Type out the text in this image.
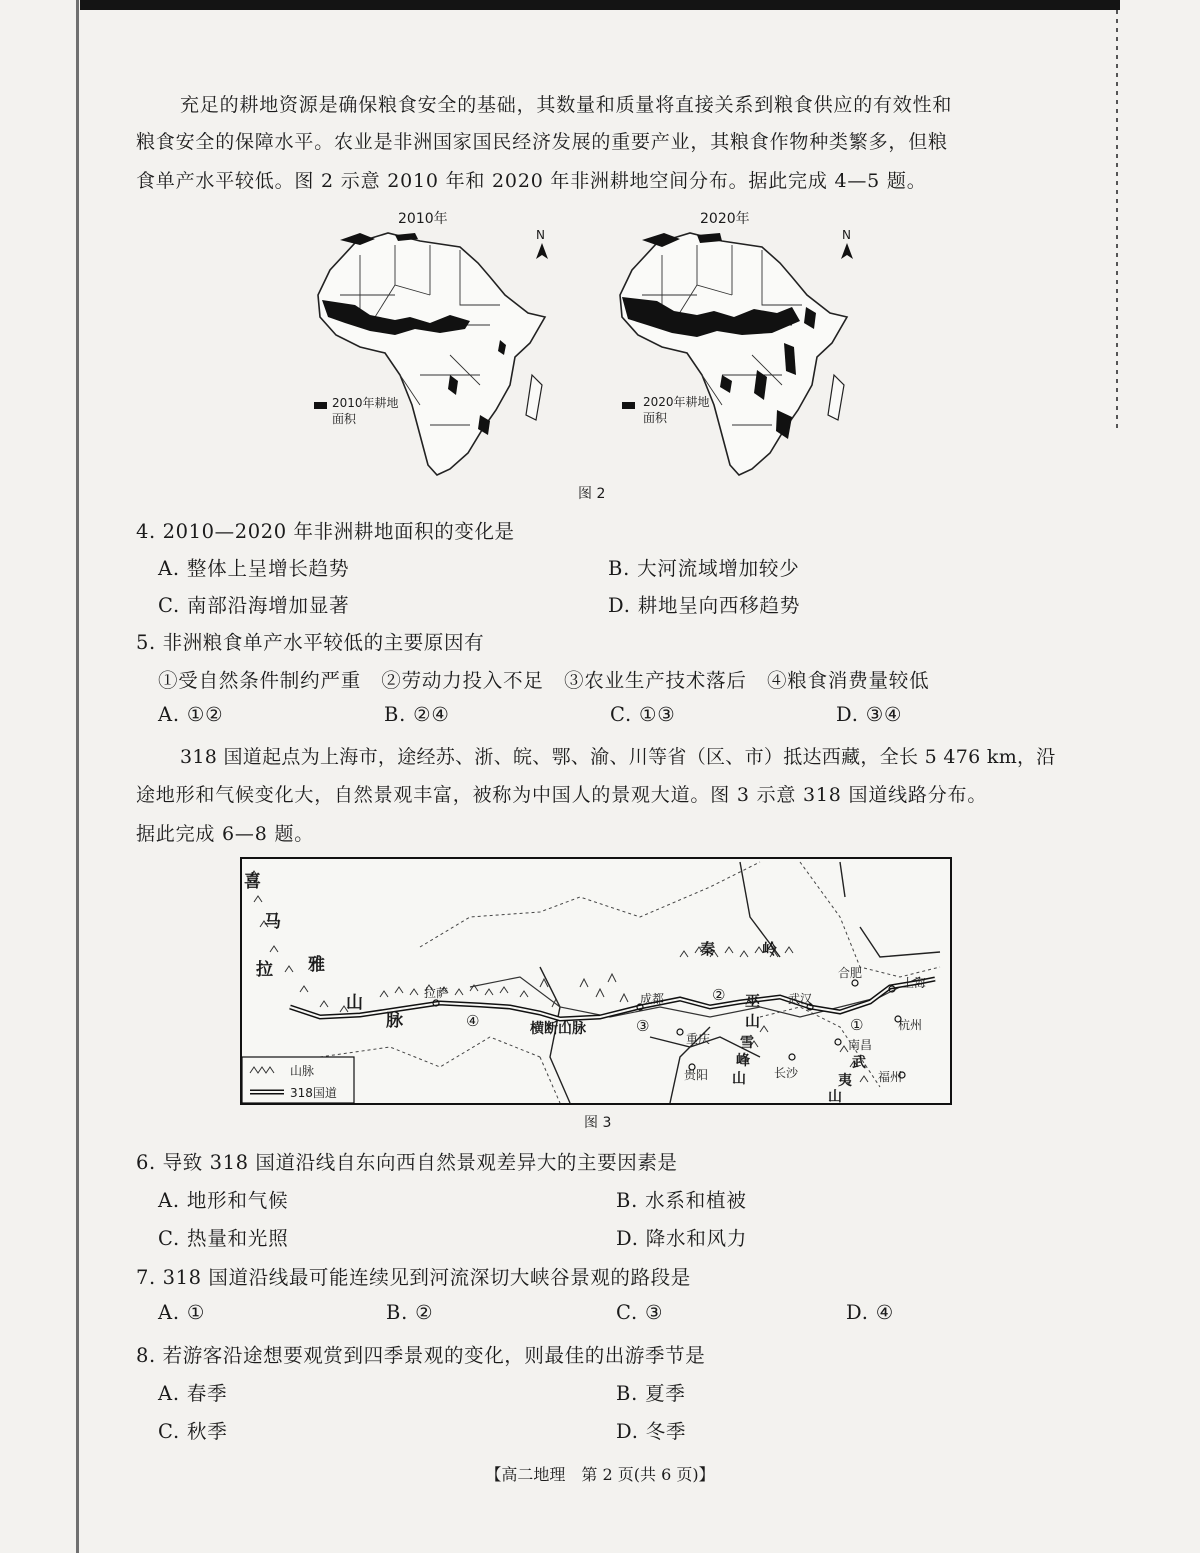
充足的耕地资源是确保粮食安全的基础，其数量和质量将直接关系到粮食供应的有效性和
粮食安全的保障水平。农业是非洲国家国民经济发展的重要产业，其粮食作物种类繁多，但粮
食单产水平较低。图 2 示意 2010 年和 2020 年非洲耕地空间分布。据此完成 4—5 题。
2010年
N
2010年耕地
面积
2020年
N
2020年耕地
面积
图 2
4. 2010—2020 年非洲耕地面积的变化是
A. 整体上呈增长趋势	B. 大河流域增加较少
C. 南部沿海增加显著	D. 耕地呈向西移趋势
5. 非洲粮食单产水平较低的主要原因有
①受自然条件制约严重　②劳动力投入不足　③农业生产技术落后　④粮食消费量较低
A. ①②	B. ②④	C. ①③	D. ③④
318 国道起点为上海市，途经苏、浙、皖、鄂、渝、川等省（区、市）抵达西藏，全长 5 476 km，沿
途地形和气候变化大，自然景观丰富，被称为中国人的景观大道。图 3 示意 318 国道线路分布。
据此完成 6—8 题。
喜
马
拉 雅
山
脉	横断山脉
秦	岭
巫
山
雪
峰
山
武
夷
山
拉萨	成都
重庆
武汉
合肥
上海
杭州
南昌
长沙
贵阳	福州
①
②
③
④
山脉
318国道
图 3
6. 导致 318 国道沿线自东向西自然景观差异大的主要因素是
A. 地形和气候	B. 水系和植被
C. 热量和光照	D. 降水和风力
7. 318 国道沿线最可能连续见到河流深切大峡谷景观的路段是
A. ①	B. ②	C. ③	D. ④
8. 若游客沿途想要观赏到四季景观的变化，则最佳的出游季节是
A. 春季	B. 夏季
C. 秋季	D. 冬季
【高二地理　第 2 页(共 6 页)】
